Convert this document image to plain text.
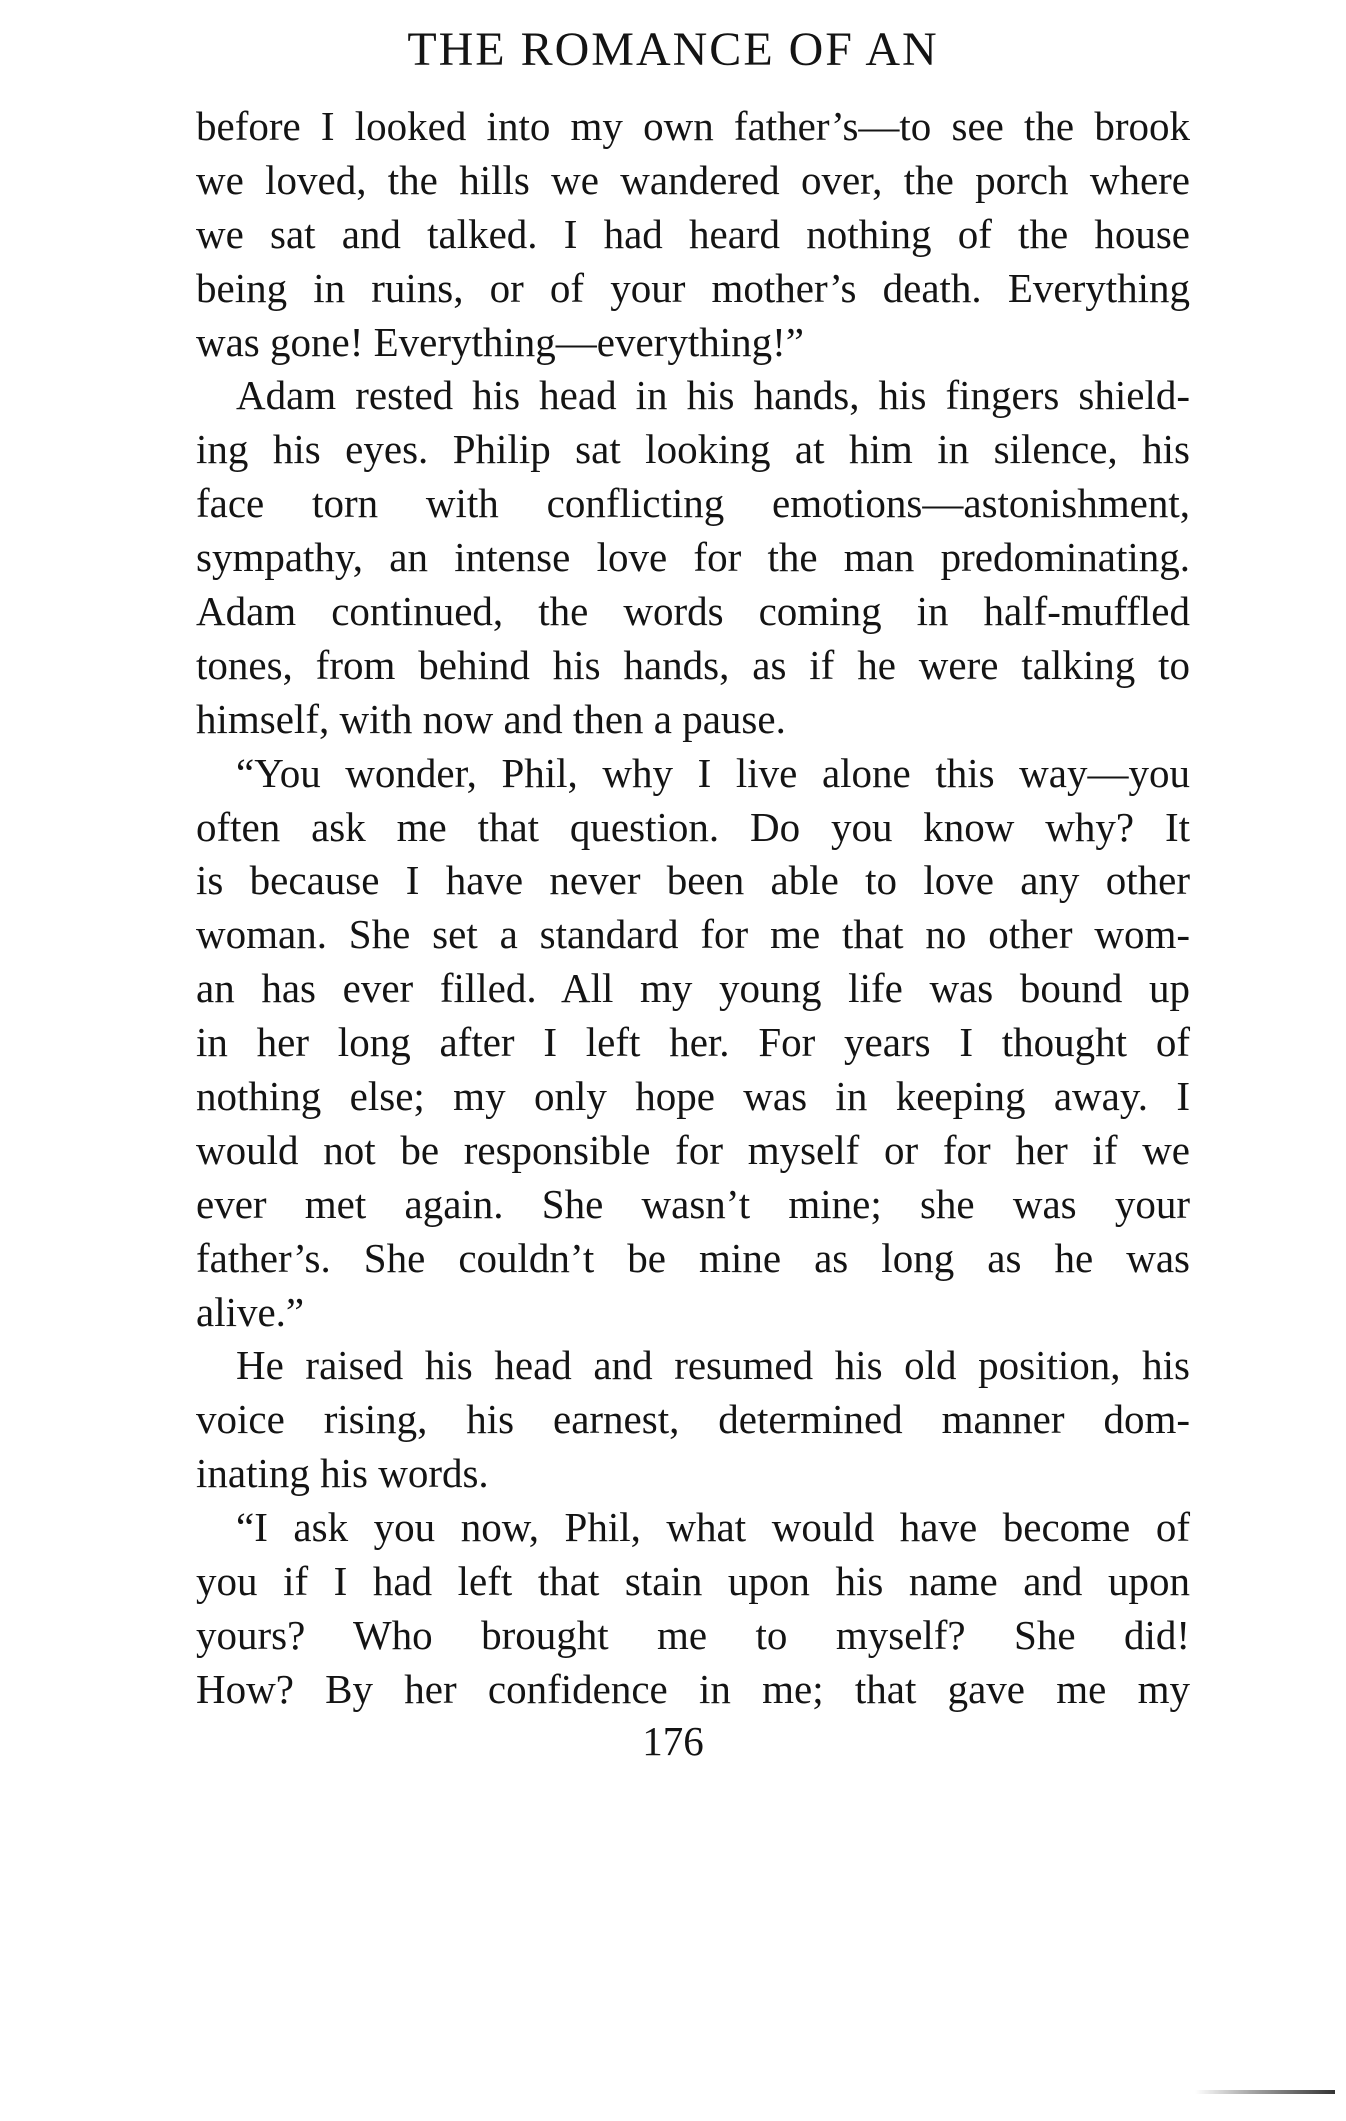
THE ROMANCE OF AN
before I looked into my own father’s—to see the brook
we loved, the hills we wandered over, the porch where
we sat and talked. I had heard nothing of the house
being in ruins, or of your mother’s death. Everything
was gone! Everything—everything!”
Adam rested his head in his hands, his fingers shield-
ing his eyes. Philip sat looking at him in silence, his
face torn with conflicting emotions—astonishment,
sympathy, an intense love for the man predominating.
Adam continued, the words coming in half-muffled
tones, from behind his hands, as if he were talking to
himself, with now and then a pause.
“You wonder, Phil, why I live alone this way—you
often ask me that question. Do you know why? It
is because I have never been able to love any other
woman. She set a standard for me that no other wom-
an has ever filled. All my young life was bound up
in her long after I left her. For years I thought of
nothing else; my only hope was in keeping away. I
would not be responsible for myself or for her if we
ever met again. She wasn’t mine; she was your
father’s. She couldn’t be mine as long as he was
alive.”
He raised his head and resumed his old position, his
voice rising, his earnest, determined manner dom-
inating his words.
“I ask you now, Phil, what would have become of
you if I had left that stain upon his name and upon
yours? Who brought me to myself? She did!
How? By her confidence in me; that gave me my
176
